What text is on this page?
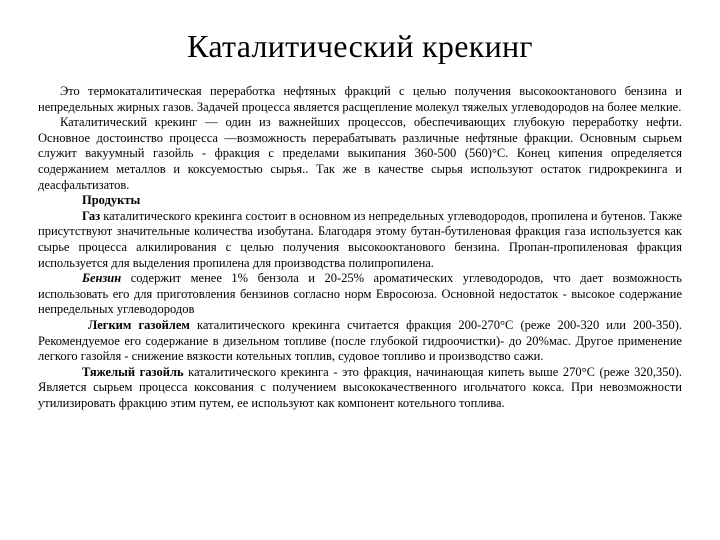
Каталитический крекинг

Это термокаталитическая переработка нефтяных фракций с целью получения высокооктанового бензина и непредельных жирных газов. Задачей процесса является расщепление молекул тяжелых углеводородов на более мелкие.

Каталитический крекинг — один из важнейших процессов, обеспечивающих глубокую переработку нефти. Основное достоинство процесса —возможность перерабатывать различные нефтяные фракции. Основным сырьем служит вакуумный газойль - фракция с пределами выкипания 360-500 (560)°С. Конец кипения определяется содержанием металлов и коксуемостью сырья.. Так же в качестве сырья используют остаток гидрокрекинга и деасфальтизатов.

Продукты

Газ каталитического крекинга состоит в основном из непредельных углеводородов, пропилена и бутенов. Также присутствуют значительные количества изобутана. Благодаря этому бутан-бутиленовая фракция газа используется как сырье процесса алкилирования с целью получения высокооктанового бензина. Пропан-пропиленовая фракция используется для выделения пропилена для производства полипропилена.

Бензин содержит менее 1% бензола и 20-25% ароматических углеводородов, что дает возможность использовать его для приготовления бензинов согласно норм Евросоюза. Основной недостаток - высокое содержание непредельных углеводородов

Легким газойлем каталитического крекинга считается фракция 200-270°С (реже 200-320 или 200-350). Рекомендуемое его содержание в дизельном топливе (после глубокой гидроочистки)- до 20%мас. Другое применение легкого газойля - снижение вязкости котельных топлив, судовое топливо и производство сажи.

Тяжелый газойль каталитического крекинга - это фракция, начинающая кипеть выше 270°С (реже 320,350). Является сырьем процесса коксования с получением высококачественного игольчатого кокса. При невозможности утилизировать фракцию этим путем, ее используют как компонент котельного топлива.
